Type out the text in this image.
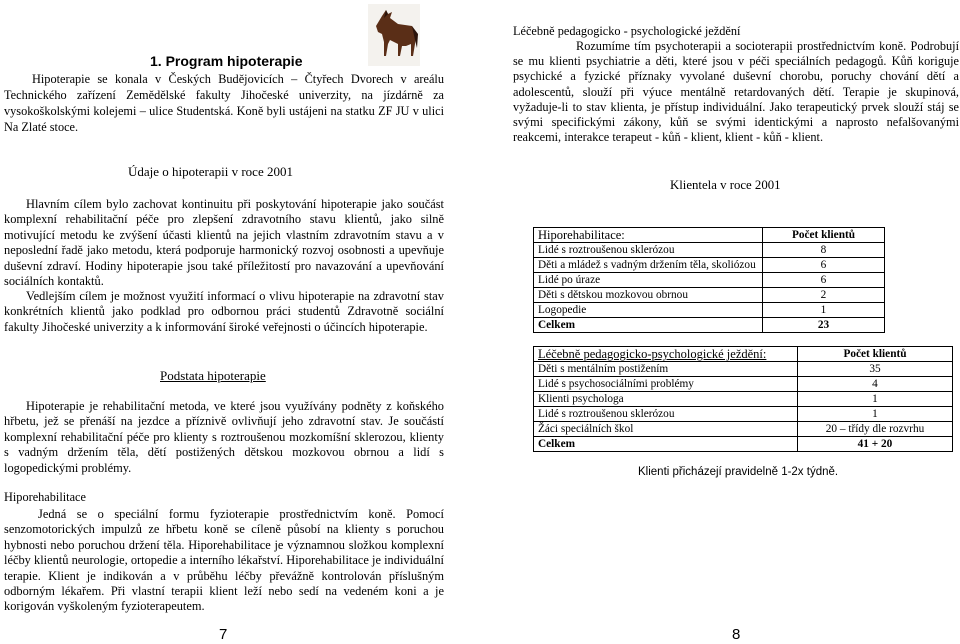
1. Program hipoterapie

Hipoterapie se konala v Českých Budějovicích – Čtyřech Dvorech v areálu Technického zařízení Zemědělské fakulty Jihočeské univerzity, na jízdárně za vysokoškolskými kolejemi – ulice Studentská. Koně byli ustájeni na statku ZF JU v ulici Na Zlaté stoce.

Údaje o hipoterapii v roce 2001

Hlavním cílem bylo zachovat kontinuitu při poskytování hipoterapie jako součást komplexní rehabilitační péče pro zlepšení zdravotního stavu klientů, jako silně motivující metodu ke zvýšení účasti klientů na jejich vlastním zdravotním stavu a v neposlední řadě jako metodu, která podporuje harmonický rozvoj osobnosti a upevňuje duševní zdraví. Hodiny hipoterapie jsou také příležitostí pro navazování a upevňování sociálních kontaktů.

Vedlejším cílem je možnost využití informací o vlivu hipoterapie na zdravotní stav konkrétních klientů jako podklad pro odbornou práci studentů Zdravotně sociální fakulty Jihočeské univerzity a k informování široké veřejnosti o účincích hipoterapie.

Podstata hipoterapie

Hipoterapie je rehabilitační metoda, ve které jsou využívány podněty z koňského hřbetu, jež se přenáší na jezdce a příznivě ovlivňují jeho zdravotní stav. Je součástí komplexní rehabilitační péče pro klienty s roztroušenou mozkomíšní sklerozou, klienty s vadným držením těla, dětí postižených dětskou mozkovou obrnou a lidí s logopedickými problémy.

Hiporehabilitace

Jedná se o speciální formu fyzioterapie prostřednictvím koně. Pomocí senzomotorických impulzů ze hřbetu koně se cíleně působí na klienty s poruchou hybnosti nebo poruchou držení těla. Hiporehabilitace je významnou složkou komplexní léčby klientů neurologie, ortopedie a interního lékařství. Hiporehabilitace je individuální terapie. Klient je indikován a v průběhu léčby převážně kontrolován příslušným odborným lékařem. Při vlastní terapii klient leží nebo sedí na vedeném koni a je korigován vyškoleným fyzioterapeutem.

7
Léčebně pedagogicko - psychologické ježdění

Rozumíme tím psychoterapii a socioterapii prostřednictvím koně. Podrobují se mu klienti psychiatrie a děti, které jsou v péči speciálních pedagogů. Kůň koriguje psychické a fyzické příznaky vyvolané duševní chorobu, poruchy chování dětí a adolescentů, slouží při výuce mentálně retardovaných dětí. Terapie je skupinová, vyžaduje-li to stav klienta, je přístup individuální. Jako terapeutický prvek slouží stáj se svými specifickými zákony, kůň se svými identickými a naprosto nefalšovanými reakcemi, interakce terapeut - kůň - klient, klient - kůň - klient.

Klientela v roce 2001
Hiporehabilitace:	Počet klientů
Lidé s roztroušenou sklerózou	8
Děti a mládež s vadným držením těla, skoliózou	6
Lidé po úraze	6
Děti s dětskou mozkovou obrnou	2
Logopedie	1
Celkem	23
Léčebně pedagogicko-psychologické ježdění:	Počet klientů
Děti s mentálním postižením	35
Lidé s psychosociálními problémy	4
Klienti psychologa	1
Lidé s roztroušenou sklerózou	1
Žáci speciálních škol	20 – třídy dle rozvrhu
Celkem	41 + 20
Klienti přicházejí pravidelně 1-2x týdně.
8
